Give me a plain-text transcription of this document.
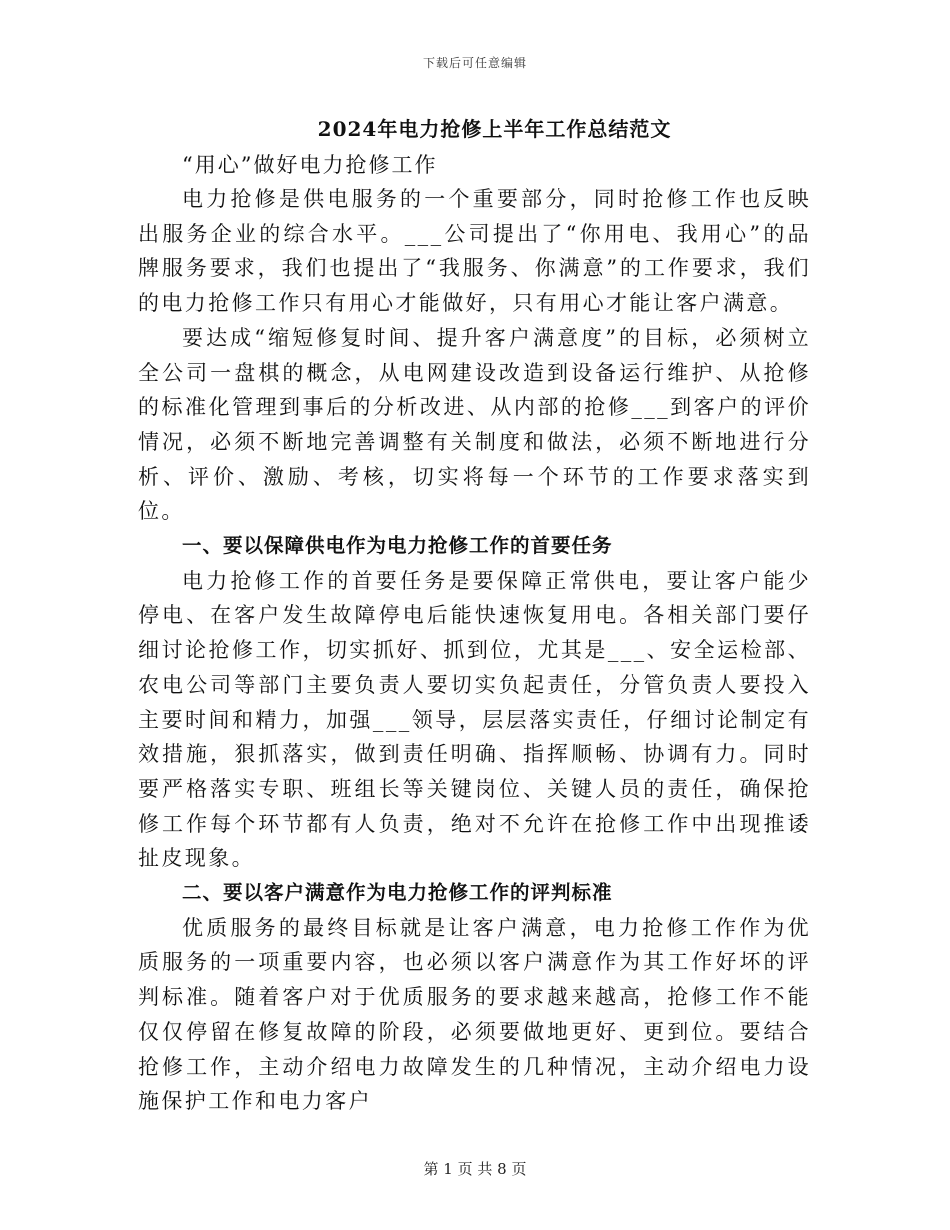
下载后可任意编辑
2024年电力抢修上半年工作总结范文

“用心”做好电力抢修工作

电力抢修是供电服务的一个重要部分，同时抢修工作也反映出服务企业的综合水平。___公司提出了“你用电、我用心”的品牌服务要求，我们也提出了“我服务、你满意”的工作要求，我们的电力抢修工作只有用心才能做好，只有用心才能让客户满意。

要达成“缩短修复时间、提升客户满意度”的目标，必须树立全公司一盘棋的概念，从电网建设改造到设备运行维护、从抢修的标准化管理到事后的分析改进、从内部的抢修___到客户的评价情况，必须不断地完善调整有关制度和做法，必须不断地进行分析、评价、激励、考核，切实将每一个环节的工作要求落实到位。

一、要以保障供电作为电力抢修工作的首要任务

电力抢修工作的首要任务是要保障正常供电，要让客户能少停电、在客户发生故障停电后能快速恢复用电。各相关部门要仔细讨论抢修工作，切实抓好、抓到位，尤其是___、安全运检部、农电公司等部门主要负责人要切实负起责任，分管负责人要投入主要时间和精力，加强___领导，层层落实责任，仔细讨论制定有效措施，狠抓落实，做到责任明确、指挥顺畅、协调有力。同时要严格落实专职、班组长等关键岗位、关键人员的责任，确保抢修工作每个环节都有人负责，绝对不允许在抢修工作中出现推诿扯皮现象。

二、要以客户满意作为电力抢修工作的评判标准

优质服务的最终目标就是让客户满意，电力抢修工作作为优质服务的一项重要内容，也必须以客户满意作为其工作好坏的评判标准。随着客户对于优质服务的要求越来越高，抢修工作不能仅仅停留在修复故障的阶段，必须要做地更好、更到位。要结合抢修工作，主动介绍电力故障发生的几种情况，主动介绍电力设施保护工作和电力客户

第 1 页 共 8 页
